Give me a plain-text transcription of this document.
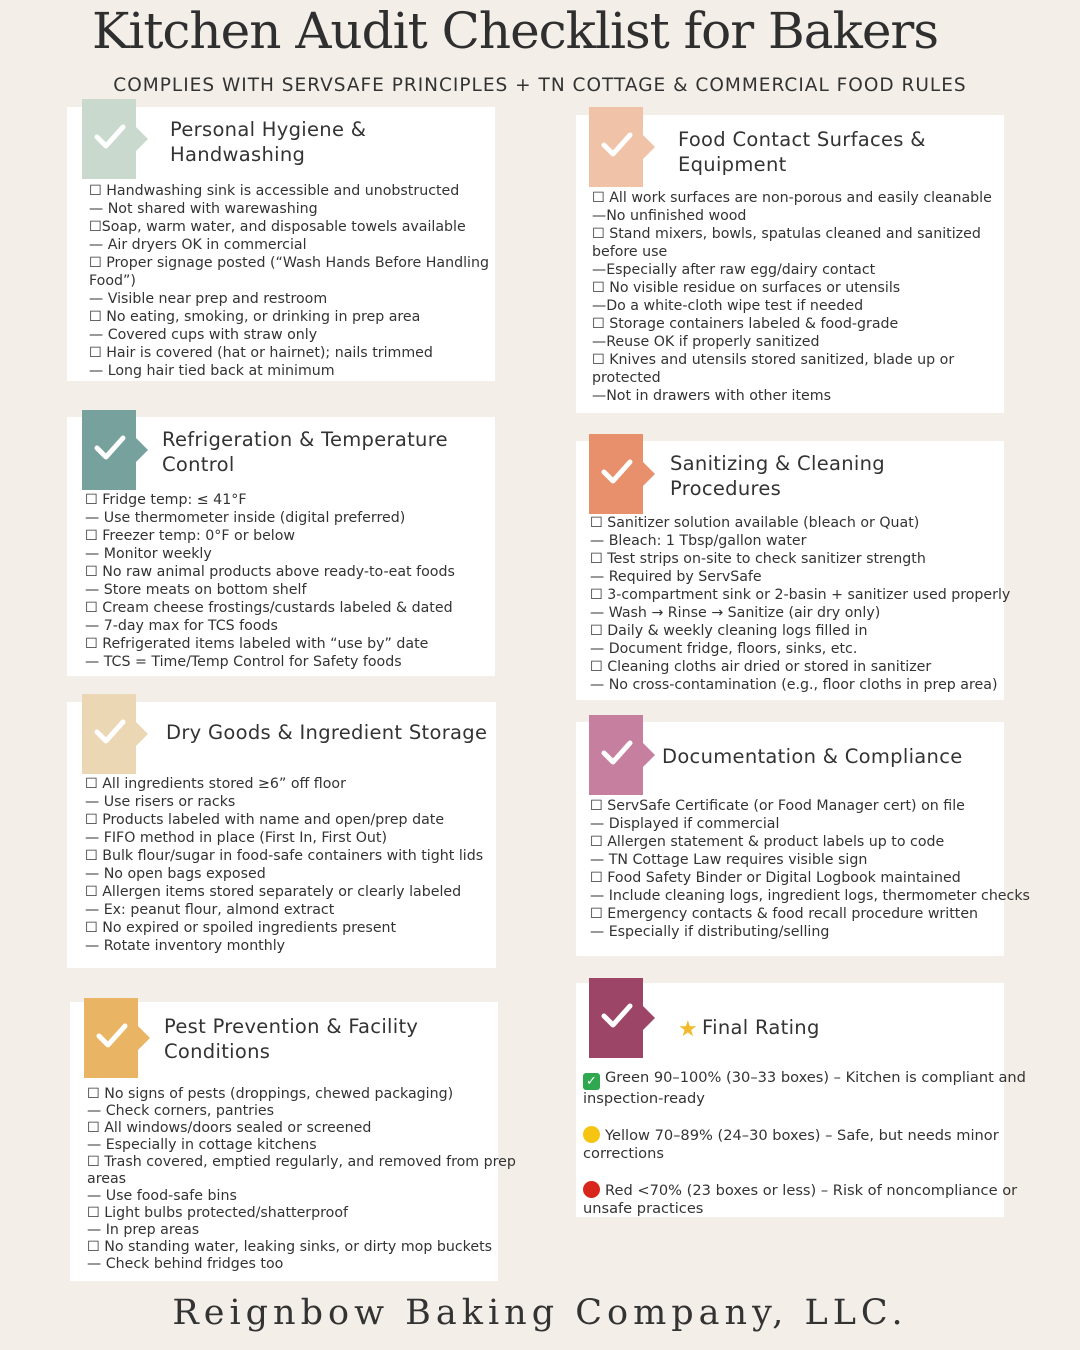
Kitchen Audit Checklist for Bakers
COMPLIES WITH SERVSAFE PRINCIPLES + TN COTTAGE & COMMERCIAL FOOD RULES
Personal Hygiene &
Handwashing
☐ Handwashing sink is accessible and unobstructed
— Not shared with warewashing
☐Soap, warm water, and disposable towels available
— Air dryers OK in commercial
☐ Proper signage posted (“Wash Hands Before Handling
Food”)
— Visible near prep and restroom
☐ No eating, smoking, or drinking in prep area
— Covered cups with straw only
☐ Hair is covered (hat or hairnet); nails trimmed
— Long hair tied back at minimum
Refrigeration & Temperature
Control
☐ Fridge temp: ≤ 41°F
— Use thermometer inside (digital preferred)
☐ Freezer temp: 0°F or below
— Monitor weekly
☐ No raw animal products above ready-to-eat foods
— Store meats on bottom shelf
☐ Cream cheese frostings/custards labeled & dated
— 7-day max for TCS foods
☐ Refrigerated items labeled with “use by” date
— TCS = Time/Temp Control for Safety foods
Dry Goods & Ingredient Storage
☐ All ingredients stored ≥6” off floor
— Use risers or racks
☐ Products labeled with name and open/prep date
— FIFO method in place (First In, First Out)
☐ Bulk flour/sugar in food-safe containers with tight lids
— No open bags exposed
☐ Allergen items stored separately or clearly labeled
— Ex: peanut flour, almond extract
☐ No expired or spoiled ingredients present
— Rotate inventory monthly
Pest Prevention & Facility
Conditions
☐ No signs of pests (droppings, chewed packaging)
— Check corners, pantries
☐ All windows/doors sealed or screened
— Especially in cottage kitchens
☐ Trash covered, emptied regularly, and removed from prep
areas
— Use food-safe bins
☐ Light bulbs protected/shatterproof
— In prep areas
☐ No standing water, leaking sinks, or dirty mop buckets
— Check behind fridges too
Food Contact Surfaces &
Equipment
☐ All work surfaces are non-porous and easily cleanable
—No unfinished wood
☐ Stand mixers, bowls, spatulas cleaned and sanitized
before use
—Especially after raw egg/dairy contact
☐ No visible residue on surfaces or utensils
—Do a white-cloth wipe test if needed
☐ Storage containers labeled & food-grade
—Reuse OK if properly sanitized
☐ Knives and utensils stored sanitized, blade up or
protected
—Not in drawers with other items
Sanitizing & Cleaning
Procedures
☐ Sanitizer solution available (bleach or Quat)
— Bleach: 1 Tbsp/gallon water
☐ Test strips on-site to check sanitizer strength
— Required by ServSafe
☐ 3-compartment sink or 2-basin + sanitizer used properly
— Wash → Rinse → Sanitize (air dry only)
☐ Daily & weekly cleaning logs filled in
— Document fridge, floors, sinks, etc.
☐ Cleaning cloths air dried or stored in sanitizer
— No cross-contamination (e.g., floor cloths in prep area)
Documentation & Compliance
☐ ServSafe Certificate (or Food Manager cert) on file
— Displayed if commercial
☐ Allergen statement & product labels up to code
— TN Cottage Law requires visible sign
☐ Food Safety Binder or Digital Logbook maintained
— Include cleaning logs, ingredient logs, thermometer checks
☐ Emergency contacts & food recall procedure written
— Especially if distributing/selling
★ Final Rating

✓ Green 90–100% (30–33 boxes) – Kitchen is compliant and
inspection-ready

Yellow 70–89% (24–30 boxes) – Safe, but needs minor
corrections

Red <70% (23 boxes or less) – Risk of noncompliance or
unsafe practices

Reignbow Baking Company, LLC.
